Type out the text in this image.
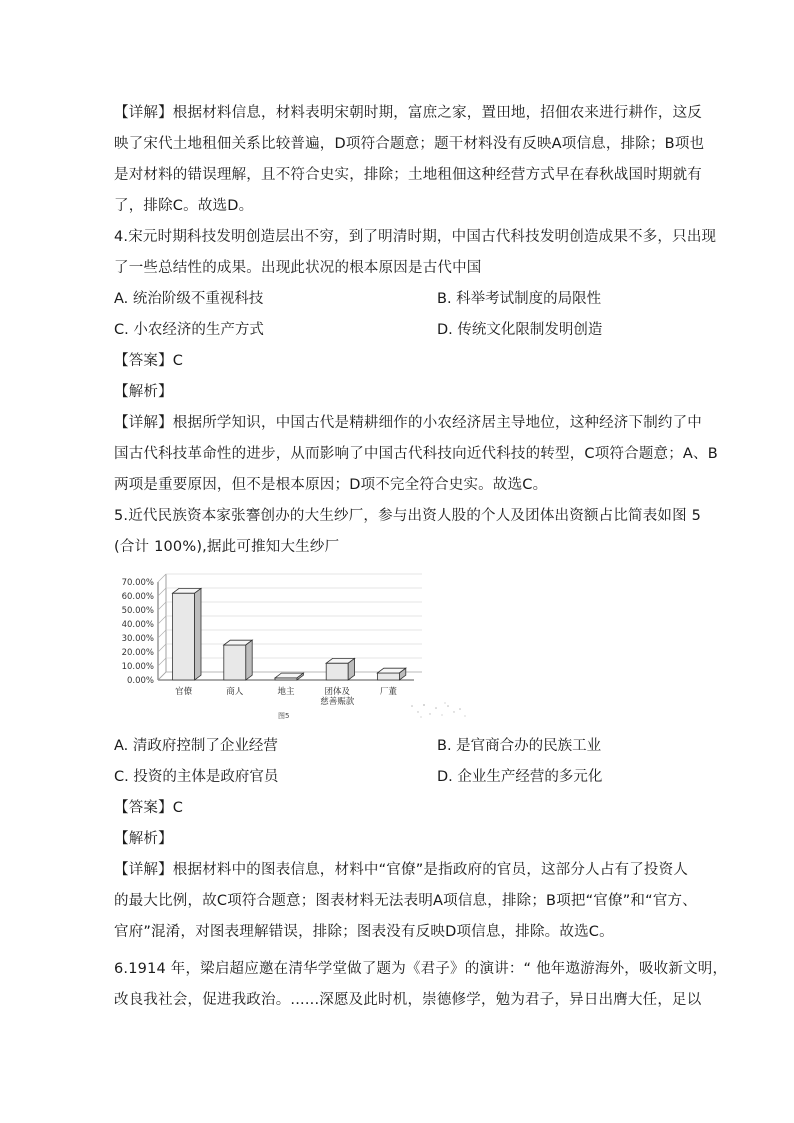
【详解】根据材料信息，材料表明宋朝时期，富庶之家，置田地，招佃农来进行耕作，这反
映了宋代土地租佃关系比较普遍，D项符合题意；题干材料没有反映A项信息，排除；B项也
是对材料的错误理解，且不符合史实，排除；土地租佃这种经营方式早在春秋战国时期就有
了，排除C。故选D。
4.宋元时期科技发明创造层出不穷，到了明清时期，中国古代科技发明创造成果不多，只出现
了一些总结性的成果。出现此状况的根本原因是古代中国
A. 统治阶级不重视科技	B. 科举考试制度的局限性
C. 小农经济的生产方式	D. 传统文化限制发明创造
【答案】C
【解析】
【详解】根据所学知识，中国古代是精耕细作的小农经济居主导地位，这种经济下制约了中
国古代科技革命性的进步，从而影响了中国古代科技向近代科技的转型，C项符合题意；A、B
两项是重要原因，但不是根本原因；D项不完全符合史实。故选C。
5.近代民族资本家张謇创办的大生纱厂，参与出资人股的个人及团体出资额占比简表如图 5
(合计 100%),据此可推知大生纱厂
0.00%
10.00%
20.00%
30.00%
40.00%
50.00%
60.00%
70.00%
官僚	商人	地主	团体及
慈善赈款
厂董
图5
A. 清政府控制了企业经营	B. 是官商合办的民族工业
C. 投资的主体是政府官员	D. 企业生产经营的多元化
【答案】C
【解析】
【详解】根据材料中的图表信息，材料中“官僚”是指政府的官员，这部分人占有了投资人
的最大比例，故C项符合题意；图表材料无法表明A项信息，排除；B项把“官僚”和“官方、
官府”混淆，对图表理解错误，排除；图表没有反映D项信息，排除。故选C。
6.1914 年，梁启超应邀在清华学堂做了题为《君子》的演讲：“ 他年遨游海外，吸收新文明，
改良我社会，促进我政治。......深愿及此时机，崇德修学，勉为君子，异日出膺大任，足以
